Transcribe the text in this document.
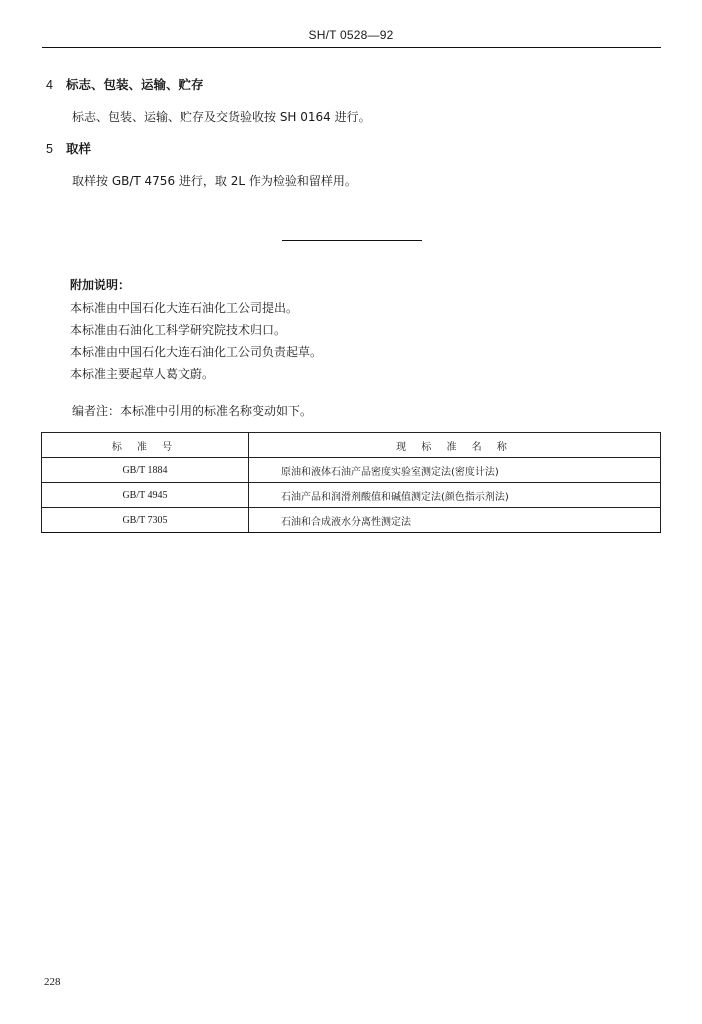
SH/T 0528—92
4 标志、包装、运输、贮存
标志、包装、运输、贮存及交货验收按 SH 0164 进行。
5 取样
取样按 GB/T 4756 进行，取 2L 作为检验和留样用。
附加说明：
本标准由中国石化大连石油化工公司提出。
本标准由石油化工科学研究院技术归口。
本标准由中国石化大连石油化工公司负责起草。
本标准主要起草人葛文蔚。
编者注：本标准中引用的标准名称变动如下。
标 准 号	现 标 准 名 称
GB/T 1884	原油和液体石油产品密度实验室测定法(密度计法)
GB/T 4945	石油产品和润滑剂酸值和碱值测定法(颜色指示剂法)
GB/T 7305	石油和合成液水分离性测定法
228
